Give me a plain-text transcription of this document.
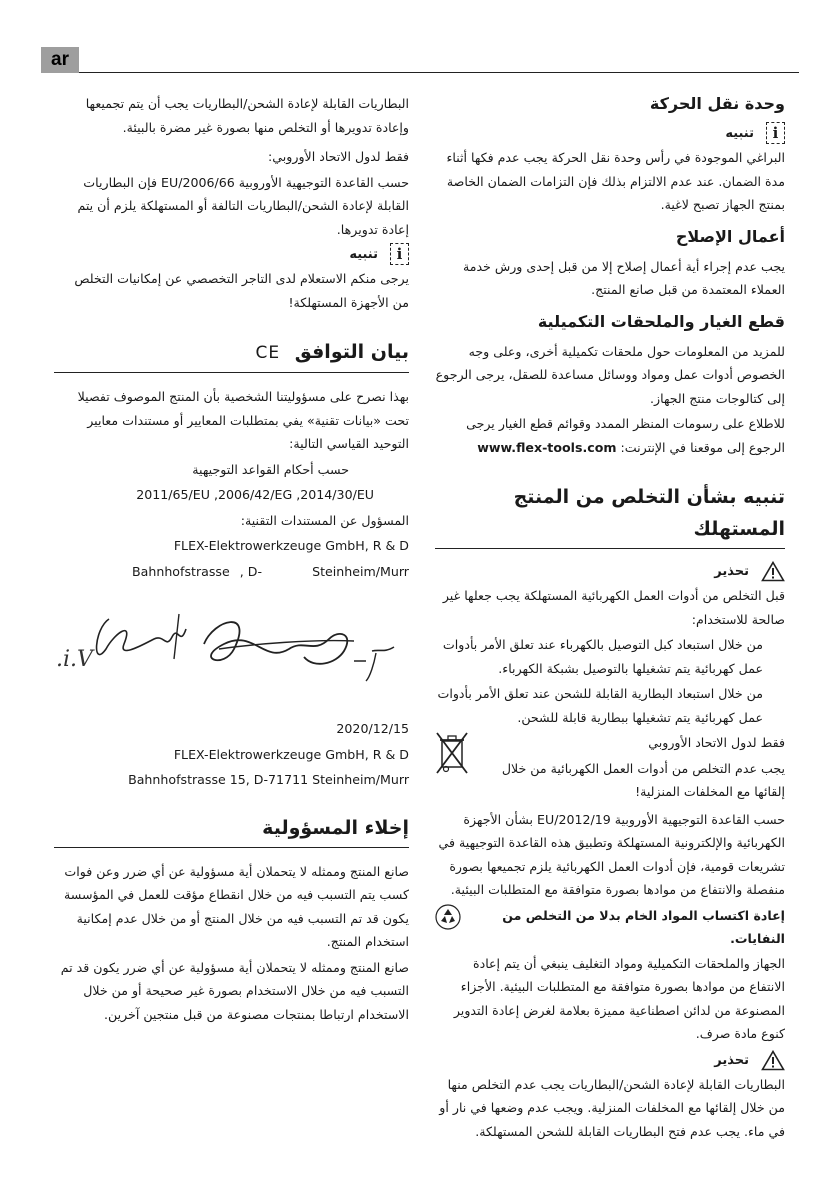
ar
وحدة نقل الحركة
i
تنبيه

البراغي الموجودة في رأس وحدة نقل الحركة يجب عدم فكها أثناء مدة الضمان. عند عدم الالتزام بذلك فإن التزامات الضمان الخاصة بمنتج الجهاز تصبح لاغية.

أعمال الإصلاح

يجب عدم إجراء أية أعمال إصلاح إلا من قبل إحدى ورش خدمة العملاء المعتمدة من قبل صانع المنتج.

قطع الغيار والملحقات التكميلية

للمزيد من المعلومات حول ملحقات تكميلية أخرى، وعلى وجه الخصوص أدوات عمل ومواد ووسائل مساعدة للصقل، يرجى الرجوع إلى كتالوجات منتج الجهاز.

للاطلاع على رسومات المنظر الممدد وقوائم قطع الغيار يرجى الرجوع إلى موقعنا في الإنترنت: www.flex-tools.com

تنبيه بشأن التخلص من المنتج المستهلك
تحذير

قبل التخلص من أدوات العمل الكهربائية المستهلكة يجب جعلها غير صالحة للاستخدام:

من خلال استبعاد كبل التوصيل بالكهرباء عند تعلق الأمر بأدوات عمل كهربائية يتم تشغيلها بالتوصيل بشبكة الكهرباء.

من خلال استبعاد البطارية القابلة للشحن عند تعلق الأمر بأدوات عمل كهربائية يتم تشغيلها ببطارية قابلة للشحن.

فقط لدول الاتحاد الأوروبي

يجب عدم التخلص من أدوات العمل الكهربائية من خلال إلقائها مع المخلفات المنزلية!

حسب القاعدة التوجيهية الأوروبية 2012/19/EU بشأن الأجهزة الكهربائية والإلكترونية المستهلكة وتطبيق هذه القاعدة التوجيهية في تشريعات قومية، فإن أدوات العمل الكهربائية يلزم تجميعها بصورة منفصلة والانتفاع من موادها بصورة متوافقة مع المتطلبات البيئية.

إعادة اكتساب المواد الخام بدلا من التخلص من النفايات.

الجهاز والملحقات التكميلية ومواد التغليف ينبغي أن يتم إعادة الانتفاع من موادها بصورة متوافقة مع المتطلبات البيئية. الأجزاء المصنوعة من لدائن اصطناعية مميزة بعلامة لغرض إعادة التدوير كنوع مادة صرف.

تحذير

البطاريات القابلة لإعادة الشحن/البطاريات يجب عدم التخلص منها من خلال إلقائها مع المخلفات المنزلية. ويجب عدم وضعها في نار أو في ماء. يجب عدم فتح البطاريات القابلة للشحن المستهلكة.

البطاريات القابلة لإعادة الشحن/البطاريات يجب أن يتم تجميعها وإعادة تدويرها أو التخلص منها بصورة غير مضرة بالبيئة.

فقط لدول الاتحاد الأوروبي:

حسب القاعدة التوجيهية الأوروبية 2006/66/EU فإن البطاريات القابلة لإعادة الشحن/البطاريات التالفة أو المستهلكة يلزم أن يتم إعادة تدويرها.

i
تنبيه

يرجى منكم الاستعلام لدى التاجر التخصصي عن إمكانيات التخلص من الأجهزة المستهلكة!

بيان التوافق CE

بهذا نصرح على مسؤوليتنا الشخصية بأن المنتج الموصوف تفصيلا تحت «بيانات تقنية» يفي بمتطلبات المعايير أو مستندات معايير التوحيد القياسي التالية:

حسب أحكام القواعد التوجيهية

2011/65/EU ,2006/42/EG ,2014/30/EU

المسؤول عن المستندات التقنية:

FLEX-Elektrowerkzeuge GmbH, R & D

Bahnhofstrasse , D-	Steinheim/Murr
i.V.

2020/12/15

FLEX-Elektrowerkzeuge GmbH, R & D

Bahnhofstrasse 15, D-71711 Steinheim/Murr

إخلاء المسؤولية

صانع المنتج وممثله لا يتحملان أية مسؤولية عن أي ضرر وعن فوات كسب يتم التسبب فيه من خلال انقطاع مؤقت للعمل في المؤسسة يكون قد تم التسبب فيه من خلال المنتج أو من خلال عدم إمكانية استخدام المنتج.

صانع المنتج وممثله لا يتحملان أية مسؤولية عن أي ضرر يكون قد تم التسبب فيه من خلال الاستخدام بصورة غير صحيحة أو من خلال الاستخدام ارتباطا بمنتجات مصنوعة من قبل منتجين آخرين.
